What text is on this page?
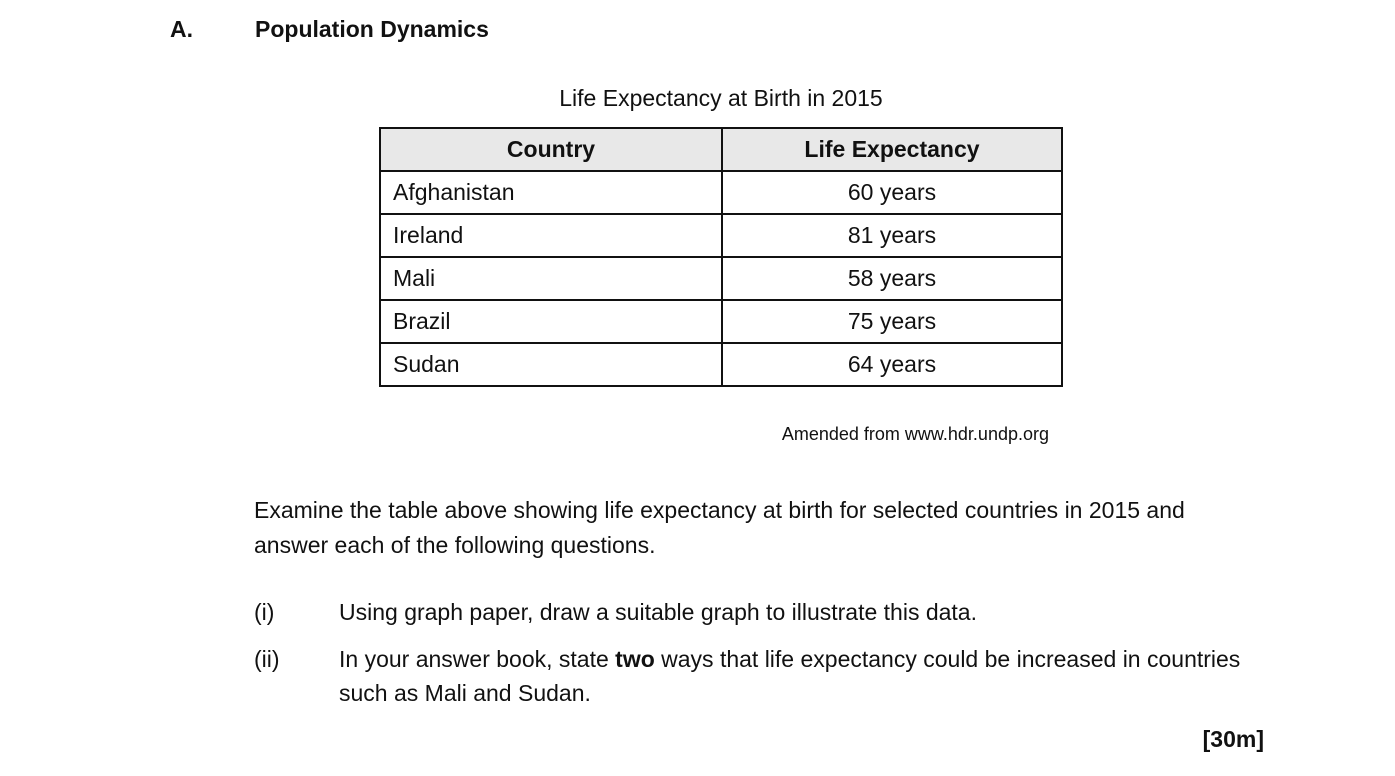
A.	Population Dynamics
Life Expectancy at Birth in 2015
Country	Life Expectancy
Afghanistan	60 years
Ireland	81 years
Mali	58 years
Brazil	75 years
Sudan	64 years
Amended from www.hdr.undp.org
Examine the table above showing life expectancy at birth for selected countries in 2015 and answer each of the following questions.
(i)	Using graph paper, draw a suitable graph to illustrate this data.
(ii)	In your answer book, state two ways that life expectancy could be increased in countries such as Mali and Sudan.
[30m]
